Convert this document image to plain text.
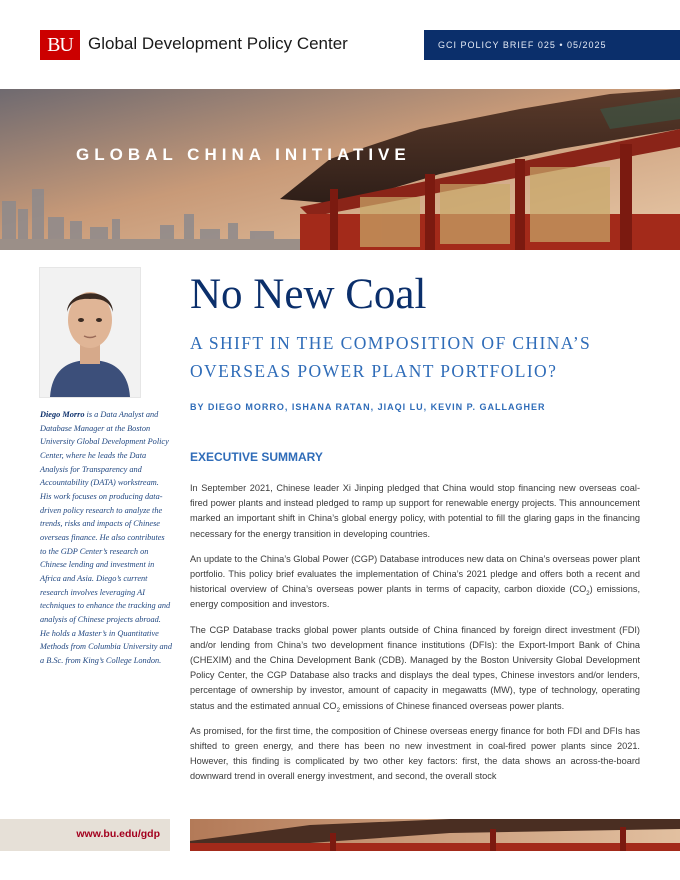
BU Global Development Policy Center	GCI POLICY BRIEF 025 • 05/2025
GLOBAL CHINA INITIATIVE
Diego Morro is a Data Analyst and Database Manager at the Boston University Global Development Policy Center, where he leads the Data Analysis for Transparency and Accountability (DATA) workstream. His work focuses on producing data-driven policy research to analyze the trends, risks and impacts of Chinese overseas finance. He also contributes to the GDP Center’s research on Chinese lending and investment in Africa and Asia. Diego’s current research involves leveraging AI techniques to enhance the tracking and analysis of Chinese projects abroad. He holds a Master’s in Quantitative Methods from Columbia University and a B.Sc. from King’s College London.
No New Coal
A SHIFT IN THE COMPOSITION OF CHINA’S OVERSEAS POWER PLANT PORTFOLIO?
BY DIEGO MORRO, ISHANA RATAN, JIAQI LU, KEVIN P. GALLAGHER
EXECUTIVE SUMMARY

In September 2021, Chinese leader Xi Jinping pledged that China would stop financing new overseas coal-fired power plants and instead pledged to ramp up support for renewable energy projects. This announcement marked an important shift in China’s global energy policy, with potential to fill the glaring gaps in the financing necessary for the energy transition in developing countries.

An update to the China’s Global Power (CGP) Database introduces new data on China’s overseas power plant portfolio. This policy brief evaluates the implementation of China’s 2021 pledge and offers both a recent and historical overview of China’s overseas power plants in terms of capacity, carbon dioxide $(CO_2)$ emissions, energy composition and investors.

The CGP Database tracks global power plants outside of China financed by foreign direct investment (FDI) and/or lending from China’s two development finance institutions (DFIs): the Export-Import Bank of China (CHEXIM) and the China Development Bank (CDB). Managed by the Boston University Global Development Policy Center, the CGP Database also tracks and displays the deal types, Chinese investors and/or lenders, percentage of ownership by investor, amount of capacity in megawatts (MW), type of technology, operating status and the estimated annual $CO_2$ emissions of Chinese financed overseas power plants.

As promised, for the first time, the composition of Chinese overseas energy finance for both FDI and DFIs has shifted to green energy, and there has been no new investment in coal-fired power plants since 2021. However, this finding is complicated by two other key factors: first, the data shows an across-the-board downward trend in overall energy investment, and second, the overall stock

www.bu.edu/gdp
